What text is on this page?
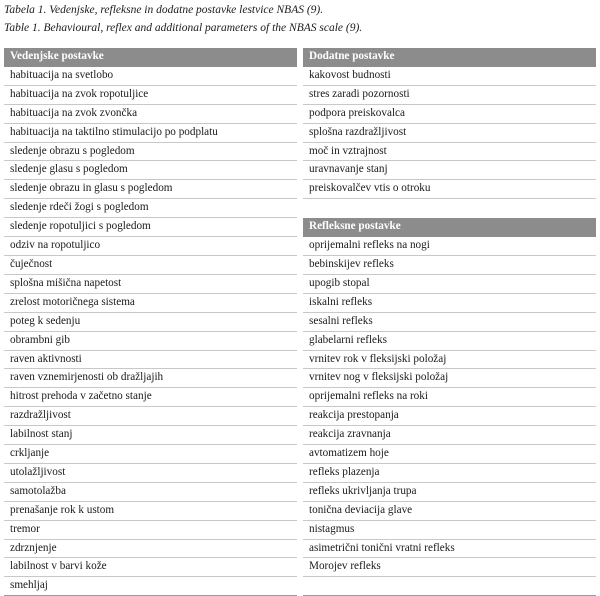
Tabela 1. Vedenjske, refleksne in dodatne postavke lestvice NBAS (9).
Table 1. Behavioural, reflex and additional parameters of the NBAS scale (9).
Vedenjske postavke	Dodatne postavke
habituacija na svetlobo	kakovost budnosti
habituacija na zvok ropotuljice	stres zaradi pozornosti
habituacija na zvok zvončka	podpora preiskovalca
habituacija na taktilno stimulacijo po podplatu	splošna razdražljivost
sledenje obrazu s pogledom	moč in vztrajnost
sledenje glasu s pogledom	uravnavanje stanj
sledenje obrazu in glasu s pogledom	preiskovalčev vtis o otroku
sledenje rdeči žogi s pogledom	
sledenje ropotuljici s pogledom	Refleksne postavke
odziv na ropotuljico	oprijemalni refleks na nogi
čuječnost	bebinskijev refleks
splošna mišična napetost	upogib stopal
zrelost motoričnega sistema	iskalni refleks
poteg k sedenju	sesalni refleks
obrambni gib	glabelarni refleks
raven aktivnosti	vrnitev rok v fleksijski položaj
raven vznemirjenosti ob dražljajih	vrnitev nog v fleksijski položaj
hitrost prehoda v začetno stanje	oprijemalni refleks na roki
razdražljivost	reakcija prestopanja
labilnost stanj	reakcija zravnanja
crkljanje	avtomatizem hoje
utolažljivost	refleks plazenja
samotolažba	refleks ukrivljanja trupa
prenašanje rok k ustom	tonična deviacija glave
tremor	nistagmus
zdrznjenje	asimetrični tonični vratni refleks
labilnost v barvi kože	Morojev refleks
smehljaj	
